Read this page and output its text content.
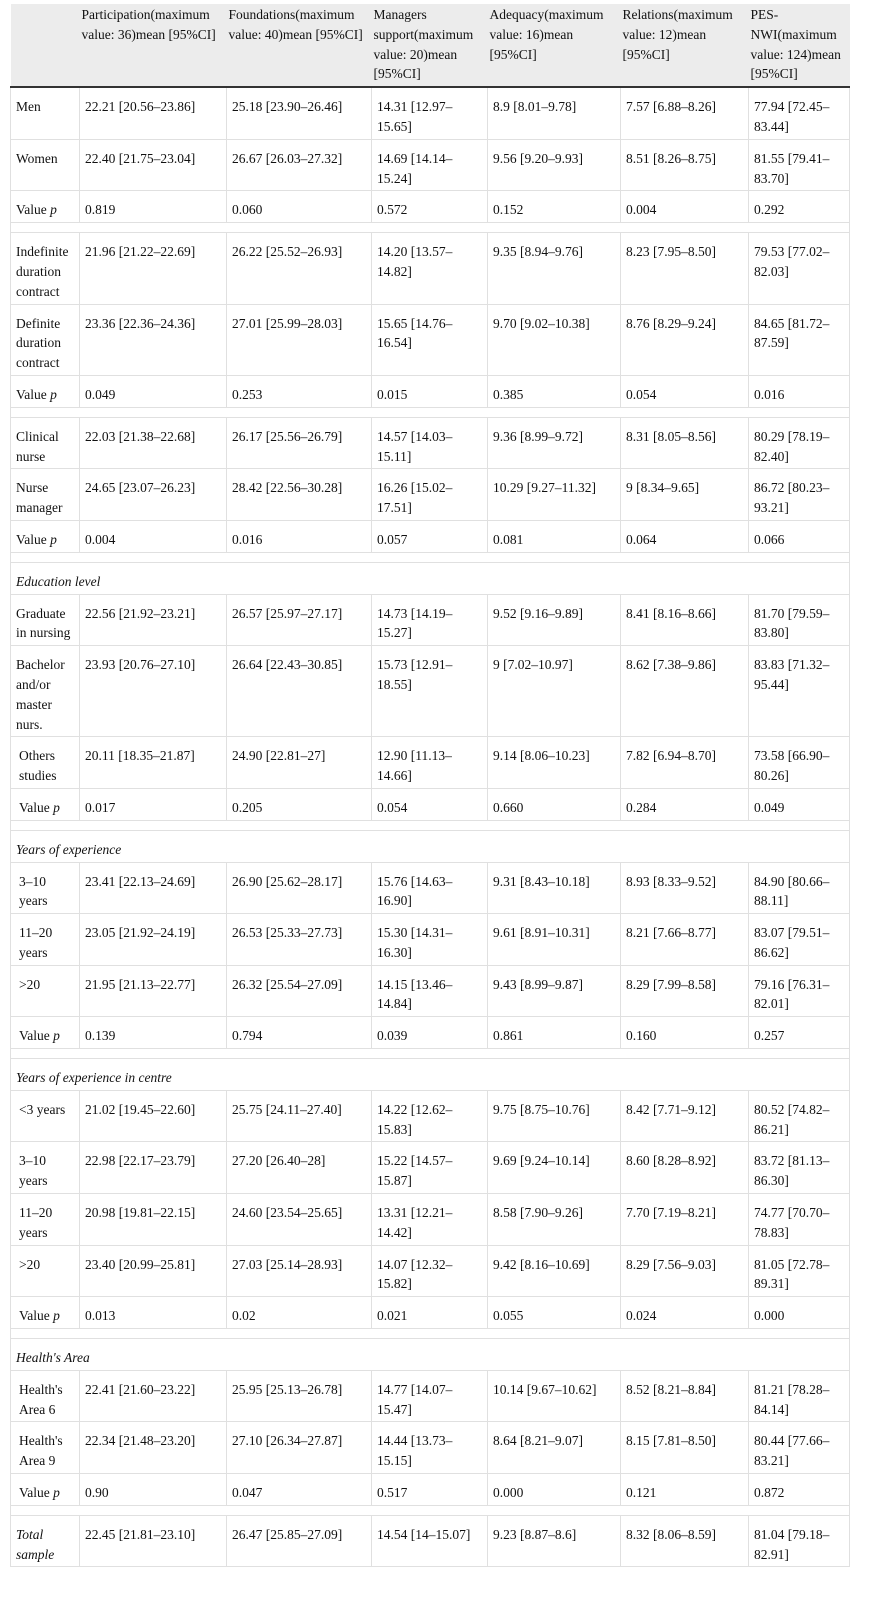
	Participation(maximum value: 36)mean [95%CI]	Foundations(maximum value: 40)mean [95%CI]	Managers support(maximum value: 20)mean [95%CI]	Adequacy(maximum value: 16)mean [95%CI]	Relations(maximum value: 12)mean [95%CI]	PES-NWI(maximum value: 124)mean [95%CI]
Men	22.21 [20.56–23.86]	25.18 [23.90–26.46]	14.31 [12.97–15.65]	8.9 [8.01–9.78]	7.57 [6.88–8.26]	77.94 [72.45–83.44]
Women	22.40 [21.75–23.04]	26.67 [26.03–27.32]	14.69 [14.14–15.24]	9.56 [9.20–9.93]	8.51 [8.26–8.75]	81.55 [79.41–83.70]
Value p	0.819	0.060	0.572	0.152	0.004	0.292

Indefinite duration contract	21.96 [21.22–22.69]	26.22 [25.52–26.93]	14.20 [13.57–14.82]	9.35 [8.94–9.76]	8.23 [7.95–8.50]	79.53 [77.02–82.03]
Definite duration contract	23.36 [22.36–24.36]	27.01 [25.99–28.03]	15.65 [14.76–16.54]	9.70 [9.02–10.38]	8.76 [8.29–9.24]	84.65 [81.72–87.59]
Value p	0.049	0.253	0.015	0.385	0.054	0.016

Clinical nurse	22.03 [21.38–22.68]	26.17 [25.56–26.79]	14.57 [14.03–15.11]	9.36 [8.99–9.72]	8.31 [8.05–8.56]	80.29 [78.19–82.40]
Nurse manager	24.65 [23.07–26.23]	28.42 [22.56–30.28]	16.26 [15.02–17.51]	10.29 [9.27–11.32]	9 [8.34–9.65]	86.72 [80.23–93.21]
Value p	0.004	0.016	0.057	0.081	0.064	0.066

Education level						
Graduate in nursing	22.56 [21.92–23.21]	26.57 [25.97–27.17]	14.73 [14.19–15.27]	9.52 [9.16–9.89]	8.41 [8.16–8.66]	81.70 [79.59–83.80]
Bachelor and/or master nurs.	23.93 [20.76–27.10]	26.64 [22.43–30.85]	15.73 [12.91–18.55]	9 [7.02–10.97]	8.62 [7.38–9.86]	83.83 [71.32–95.44]
Others studies	20.11 [18.35–21.87]	24.90 [22.81–27]	12.90 [11.13–14.66]	9.14 [8.06–10.23]	7.82 [6.94–8.70]	73.58 [66.90–80.26]
Value p	0.017	0.205	0.054	0.660	0.284	0.049

Years of experience						
3–10 years	23.41 [22.13–24.69]	26.90 [25.62–28.17]	15.76 [14.63–16.90]	9.31 [8.43–10.18]	8.93 [8.33–9.52]	84.90 [80.66–88.11]
11–20 years	23.05 [21.92–24.19]	26.53 [25.33–27.73]	15.30 [14.31–16.30]	9.61 [8.91–10.31]	8.21 [7.66–8.77]	83.07 [79.51–86.62]
>20	21.95 [21.13–22.77]	26.32 [25.54–27.09]	14.15 [13.46–14.84]	9.43 [8.99–9.87]	8.29 [7.99–8.58]	79.16 [76.31–82.01]
Value p	0.139	0.794	0.039	0.861	0.160	0.257

Years of experience in centre						
<3 years	21.02 [19.45–22.60]	25.75 [24.11–27.40]	14.22 [12.62–15.83]	9.75 [8.75–10.76]	8.42 [7.71–9.12]	80.52 [74.82–86.21]
3–10 years	22.98 [22.17–23.79]	27.20 [26.40–28]	15.22 [14.57–15.87]	9.69 [9.24–10.14]	8.60 [8.28–8.92]	83.72 [81.13–86.30]
11–20 years	20.98 [19.81–22.15]	24.60 [23.54–25.65]	13.31 [12.21–14.42]	8.58 [7.90–9.26]	7.70 [7.19–8.21]	74.77 [70.70–78.83]
>20	23.40 [20.99–25.81]	27.03 [25.14–28.93]	14.07 [12.32–15.82]	9.42 [8.16–10.69]	8.29 [7.56–9.03]	81.05 [72.78–89.31]
Value p	0.013	0.02	0.021	0.055	0.024	0.000

Health's Area						
Health's Area 6	22.41 [21.60–23.22]	25.95 [25.13–26.78]	14.77 [14.07–15.47]	10.14 [9.67–10.62]	8.52 [8.21–8.84]	81.21 [78.28–84.14]
Health's Area 9	22.34 [21.48–23.20]	27.10 [26.34–27.87]	14.44 [13.73–15.15]	8.64 [8.21–9.07]	8.15 [7.81–8.50]	80.44 [77.66–83.21]
Value p	0.90	0.047	0.517	0.000	0.121	0.872

Total sample	22.45 [21.81–23.10]	26.47 [25.85–27.09]	14.54 [14–15.07]	9.23 [8.87–8.6]	8.32 [8.06–8.59]	81.04 [79.18–82.91]
